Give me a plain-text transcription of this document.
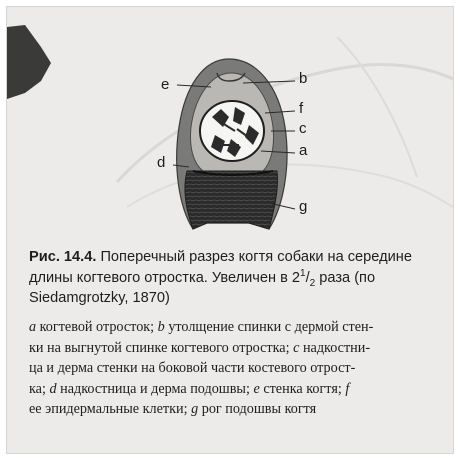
e	b
f
c
a
d
g
Рис. 14.4. Поперечный разрез когтя собаки на середине
длины когтевого отростка. Увеличен в $2^1/_2$ раза (по
Siedamgrotzky, 1870)

a когтевой отросток; b утолщение спинки с дермой стен-

ки на выгнутой спинке когтевого отростка; c надкостни-

ца и дерма стенки на боковой части костевого отрост-

ка; d надкостница и дерма подошвы; e стенка когтя; f

ее эпидермальные клетки; g рог подошвы когтя
